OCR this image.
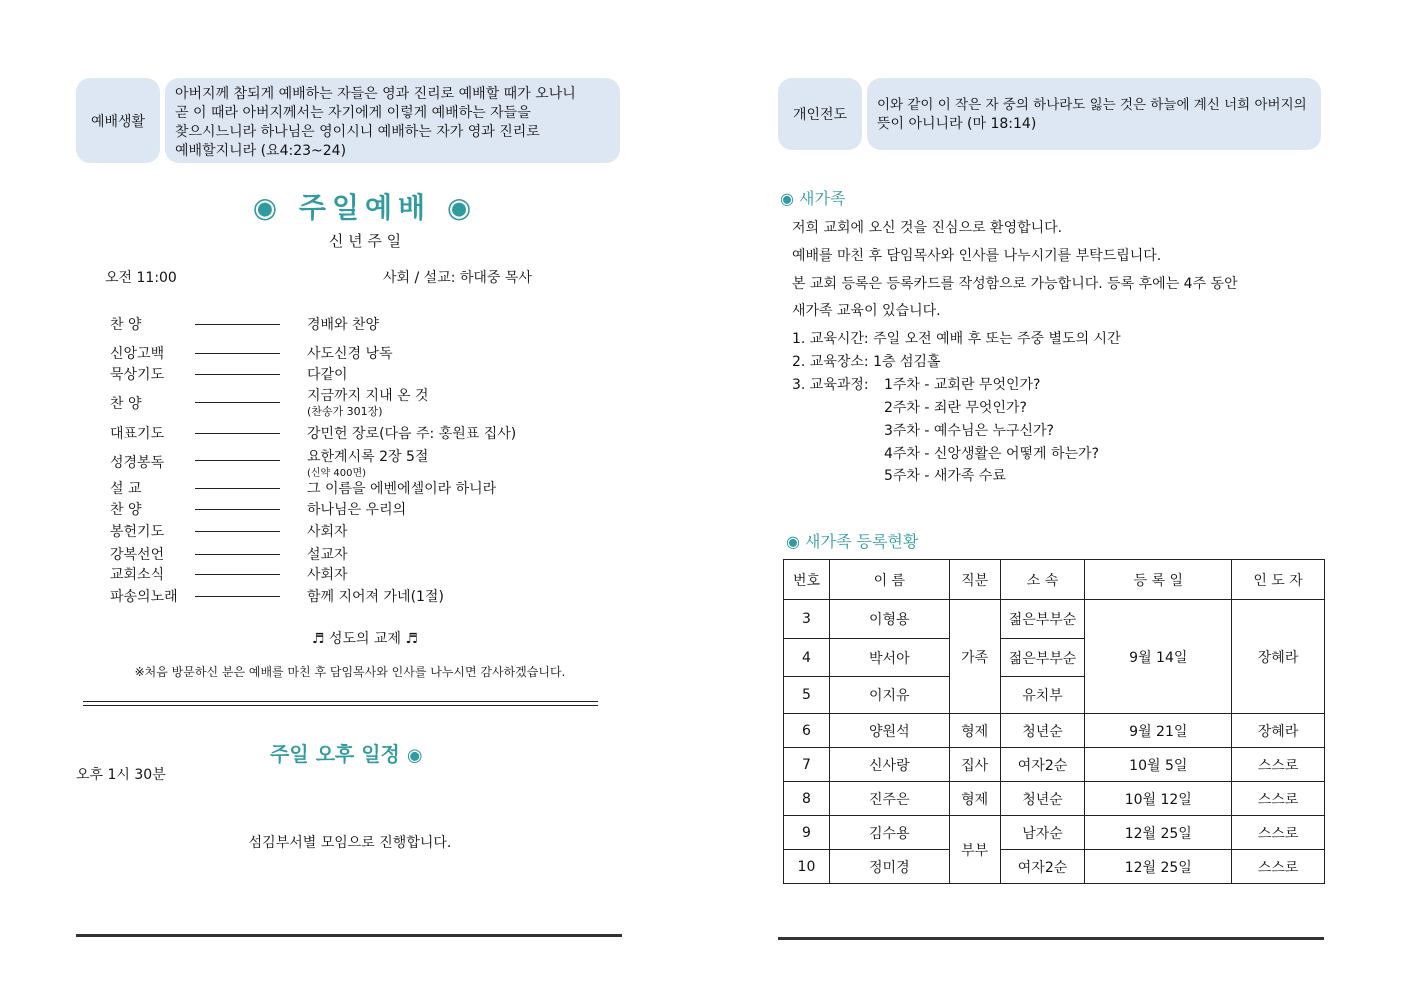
예배생활
아버지께 참되게 예배하는 자들은 영과 진리로 예배할 때가 오나니
곧 이 때라 아버지께서는 자기에게 이렇게 예배하는 자들을
찾으시느니라 하나님은 영이시니 예배하는 자가 영과 진리로
예배할지니라 (요4:23~24)
◉ 주일예배 ◉
신 년 주 일
오전 11:00	사회 / 설교: 하대중 목사
찬 양	경배와 찬양
신앙고백	사도신경 낭독
묵상기도	다같이
찬 양	지금까지 지내 온 것
(찬송가 301장)
대표기도	강민헌 장로(다음 주: 홍원표 집사)
성경봉독	요한계시록 2장 5절
(신약 400면)
설 교	그 이름을 에벤에셀이라 하니라
찬 양	하나님은 우리의
봉헌기도	사회자
강복선언	설교자
교회소식	사회자
파송의노래	함께 지어져 가네(1절)
♬ 성도의 교제 ♬
※처음 방문하신 분은 예배를 마친 후 담임목사와 인사를 나누시면 감사하겠습니다.
주일 오후 일정 ◉
오후 1시 30분
섬김부서별 모임으로 진행합니다.
개인전도
이와 같이 이 작은 자 중의 하나라도 잃는 것은 하늘에 계신 너희 아버지의
뜻이 아니니라 (마 18:14)
◉ 새가족
저희 교회에 오신 것을 진심으로 환영합니다.
예배를 마친 후 담임목사와 인사를 나누시기를 부탁드립니다.
본 교회 등록은 등록카드를 작성함으로 가능합니다. 등록 후에는 4주 동안
새가족 교육이 있습니다.
1. 교육시간: 주일 오전 예배 후 또는 주중 별도의 시간
2. 교육장소: 1층 섬김홀
3. 교육과정: 1주차 - 교회란 무엇인가?
2주차 - 죄란 무엇인가?
3주차 - 예수님은 누구신가?
4주차 - 신앙생활은 어떻게 하는가?
5주차 - 새가족 수료
◉ 새가족 등록현황
번호	이 름	직분	소 속	등 록 일	인 도 자
3	이형용	가족	젊은부부순	9월 14일	장혜라
4	박서아		젊은부부순		
5	이지유		유치부		
6	양원석	형제	청년순	9월 21일	장혜라
7	신사랑	집사	여자2순	10월 5일	스스로
8	진주은	형제	청년순	10월 12일	스스로
9	김수용	부부	남자순	12월 25일	스스로
10	정미경		여자2순	12월 25일	스스로
